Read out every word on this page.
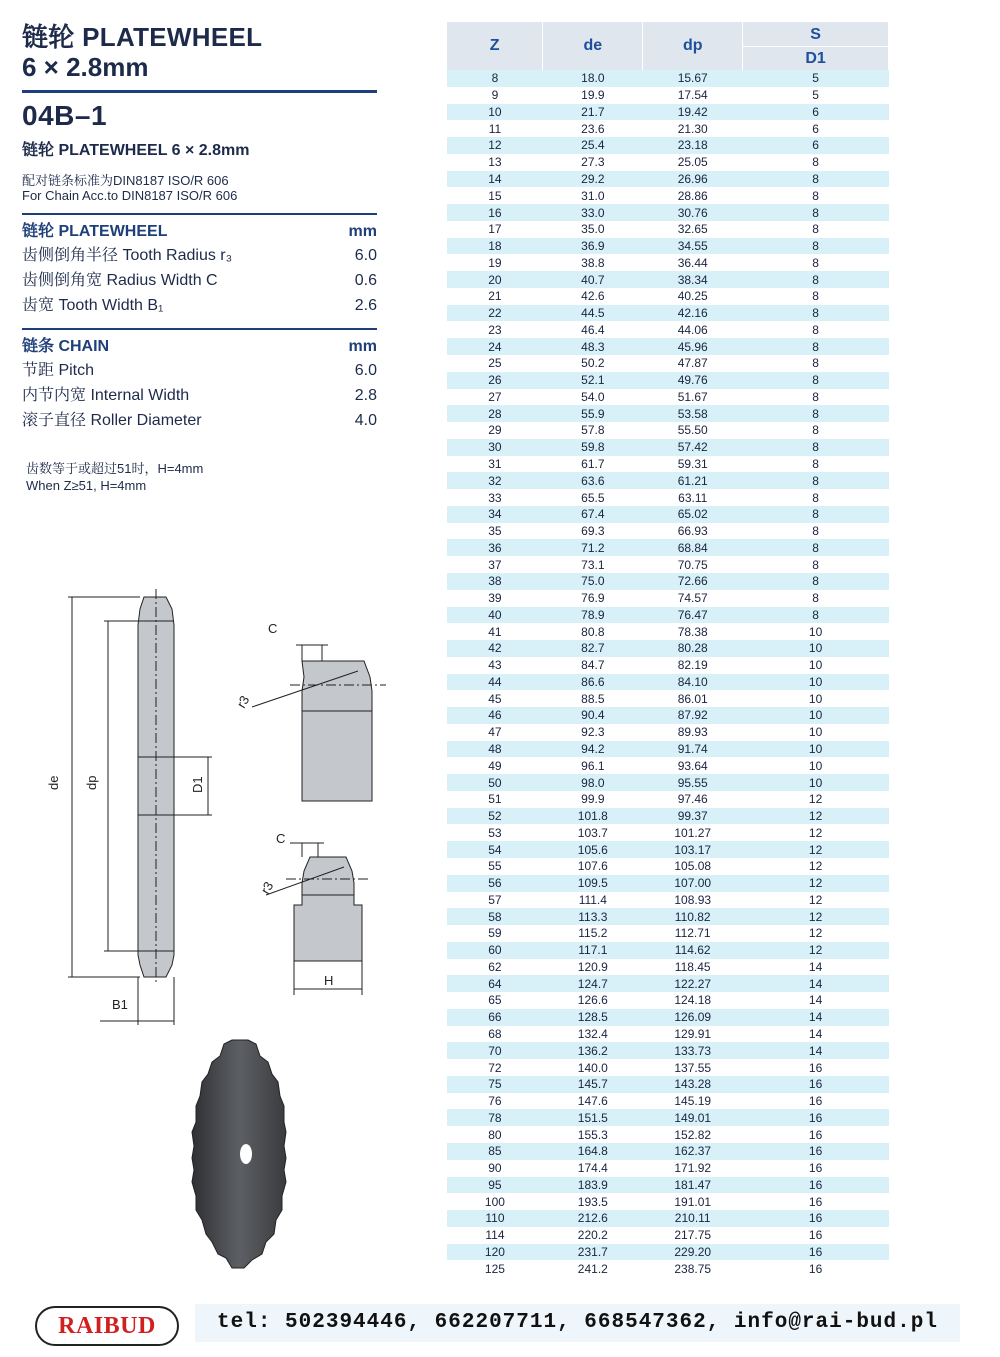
链轮 PLATEWHEEL
6 × 2.8mm
04B–1
链轮 PLATEWHEEL 6 × 2.8mm
配对链条标准为DIN8187 ISO/R 606
For Chain Acc.to DIN8187 ISO/R 606
链轮 PLATEWHEEL	mm
齿侧倒角半径 Tooth Radius r₃	6.0
齿侧倒角宽 Radius Width C	0.6
齿宽 Tooth Width B₁	2.6
链条 CHAIN	mm
节距 Pitch	6.0
内节内宽 Internal Width	2.8
滚子直径 Roller Diameter	4.0
齿数等于或超过51时，H=4mm
When Z≥51, H=4mm
de dp	D1
B1
C
r3
C
r3
H
Z	de	dp	S
D1

8	18.0	15.67	5
9	19.9	17.54	5
10	21.7	19.42	6
11	23.6	21.30	6
12	25.4	23.18	6
13	27.3	25.05	8
14	29.2	26.96	8
15	31.0	28.86	8
16	33.0	30.76	8
17	35.0	32.65	8
18	36.9	34.55	8
19	38.8	36.44	8
20	40.7	38.34	8
21	42.6	40.25	8
22	44.5	42.16	8
23	46.4	44.06	8
24	48.3	45.96	8
25	50.2	47.87	8
26	52.1	49.76	8
27	54.0	51.67	8
28	55.9	53.58	8
29	57.8	55.50	8
30	59.8	57.42	8
31	61.7	59.31	8
32	63.6	61.21	8
33	65.5	63.11	8
34	67.4	65.02	8
35	69.3	66.93	8
36	71.2	68.84	8
37	73.1	70.75	8
38	75.0	72.66	8
39	76.9	74.57	8
40	78.9	76.47	8
41	80.8	78.38	10
42	82.7	80.28	10
43	84.7	82.19	10
44	86.6	84.10	10
45	88.5	86.01	10
46	90.4	87.92	10
47	92.3	89.93	10
48	94.2	91.74	10
49	96.1	93.64	10
50	98.0	95.55	10
51	99.9	97.46	12
52	101.8	99.37	12
53	103.7	101.27	12
54	105.6	103.17	12
55	107.6	105.08	12
56	109.5	107.00	12
57	111.4	108.93	12
58	113.3	110.82	12
59	115.2	112.71	12
60	117.1	114.62	12
62	120.9	118.45	14
64	124.7	122.27	14
65	126.6	124.18	14
66	128.5	126.09	14
68	132.4	129.91	14
70	136.2	133.73	14
72	140.0	137.55	16
75	145.7	143.28	16
76	147.6	145.19	16
78	151.5	149.01	16
80	155.3	152.82	16
85	164.8	162.37	16
90	174.4	171.92	16
95	183.9	181.47	16
100	193.5	191.01	16
110	212.6	210.11	16
114	220.2	217.75	16
120	231.7	229.20	16
125	241.2	238.75	16
RAIBUD	tel: 502394446, 662207711, 668547362, info@rai-bud.pl
